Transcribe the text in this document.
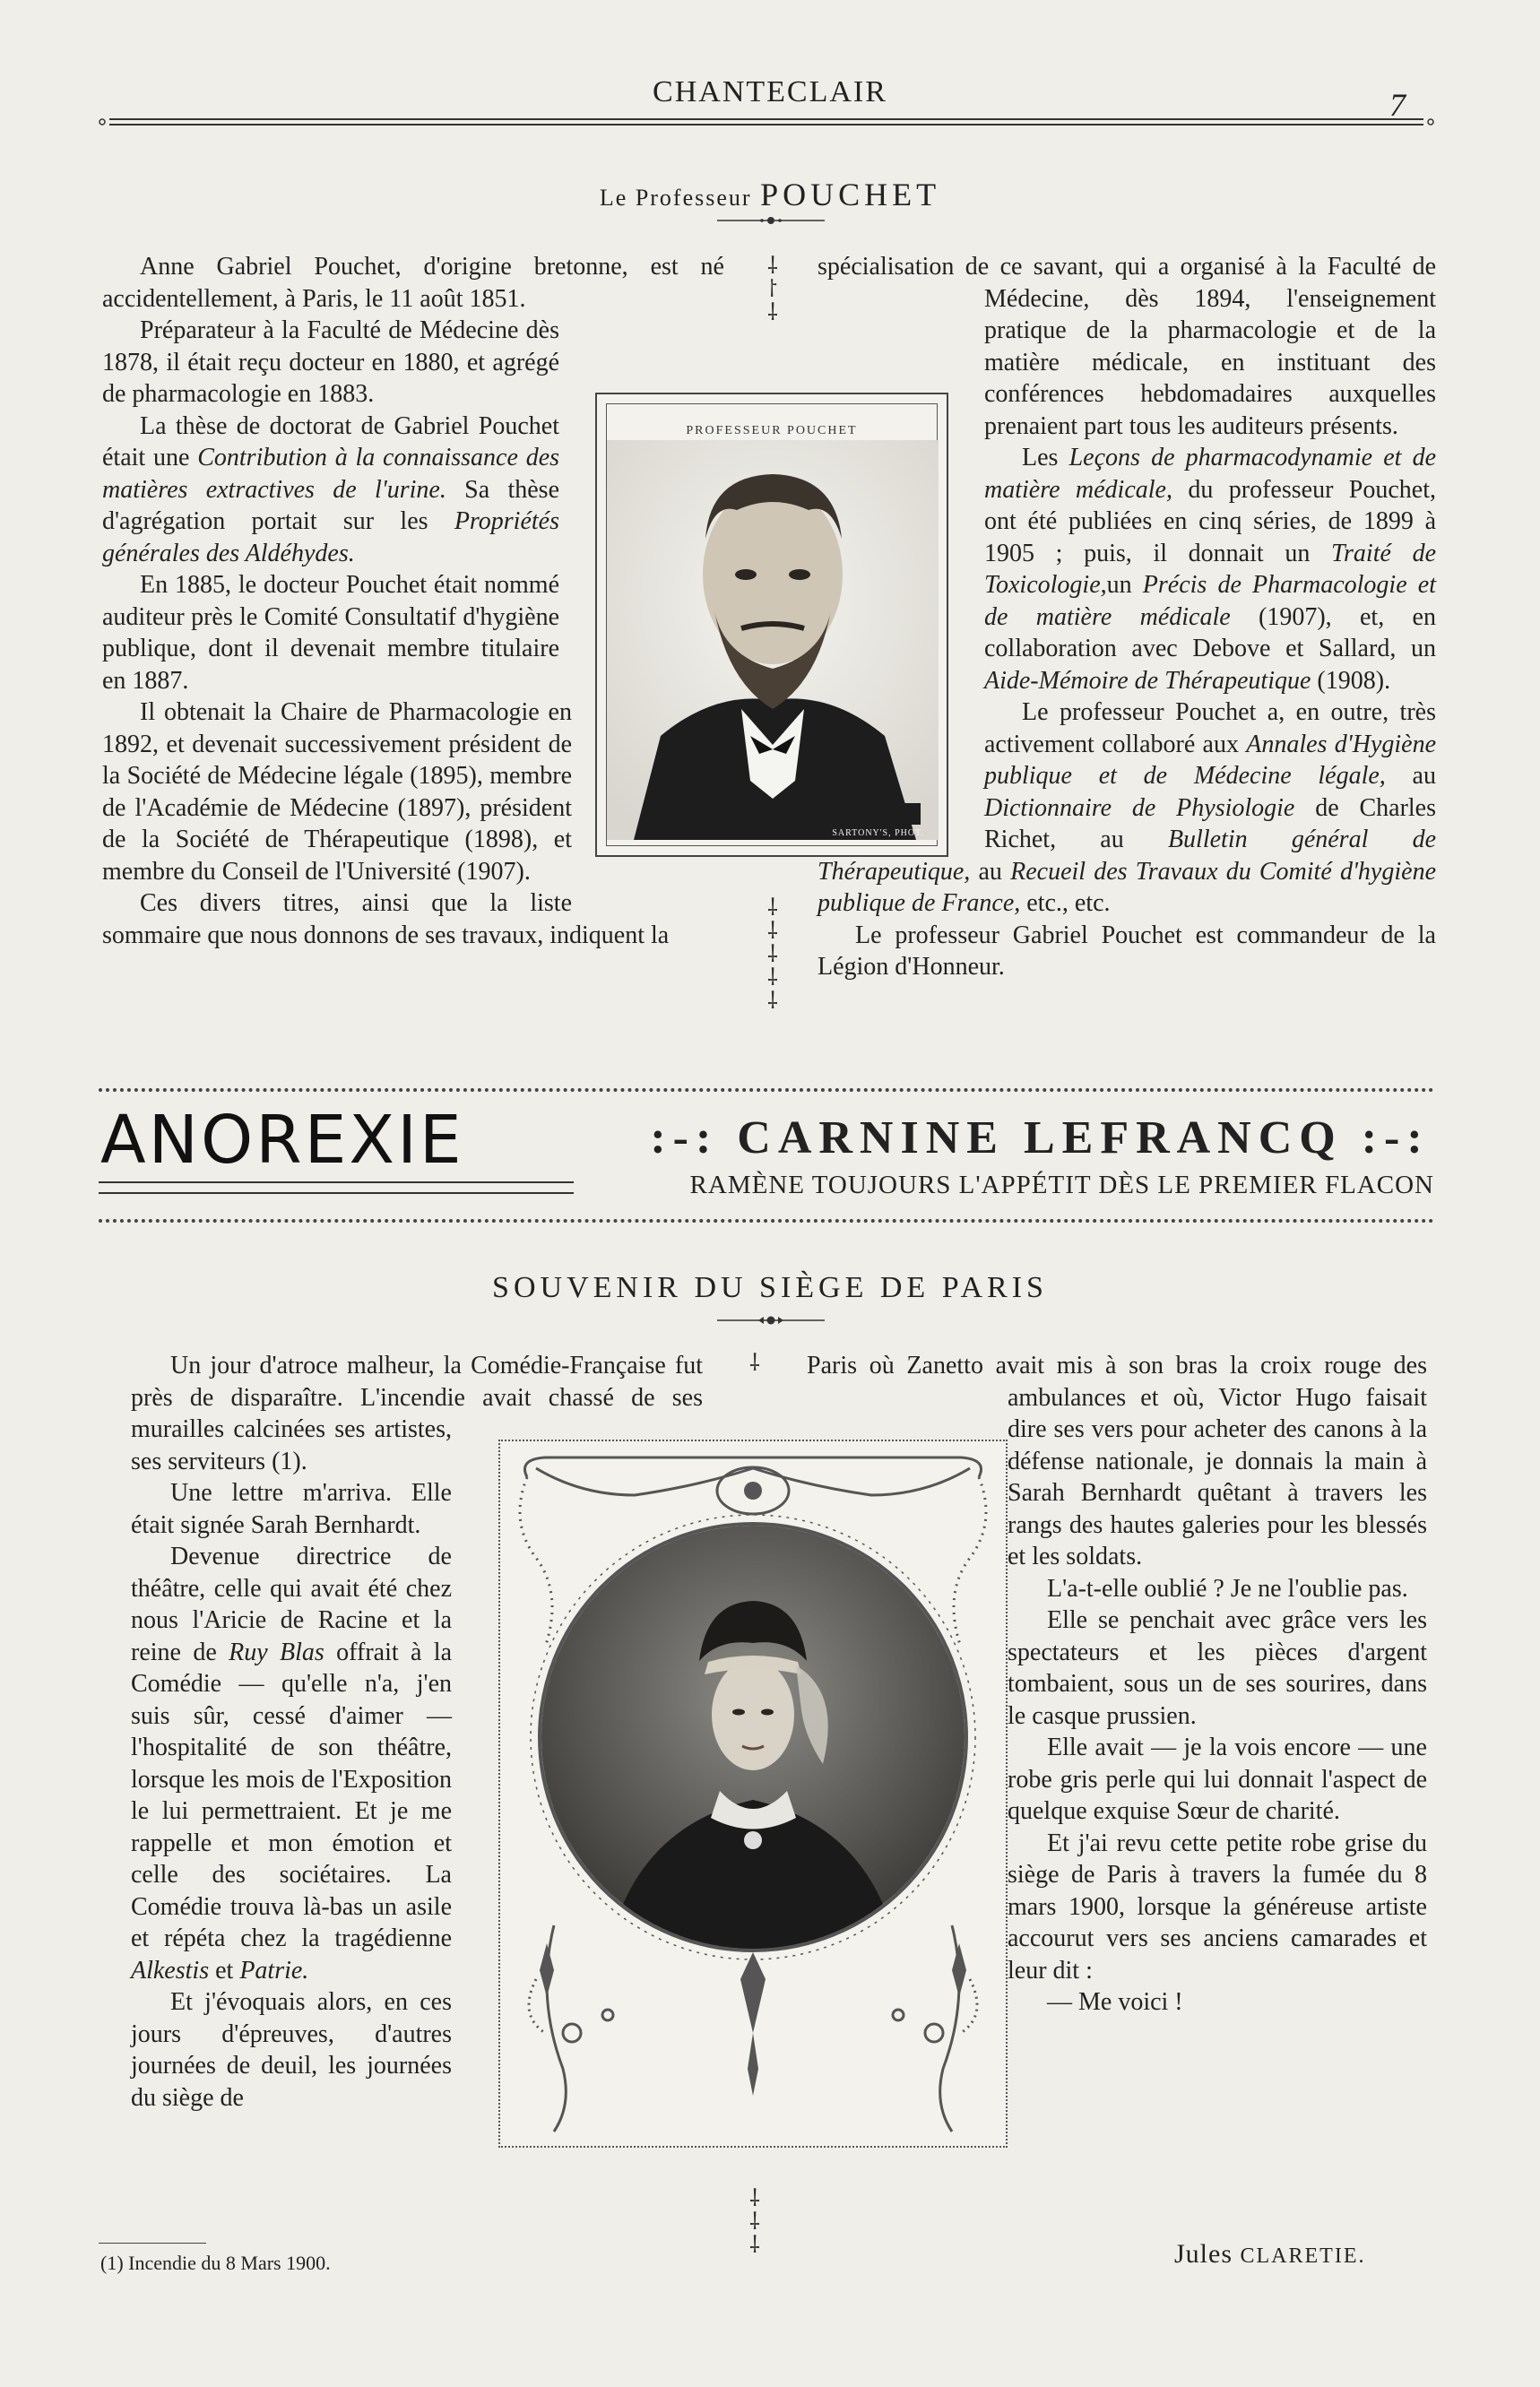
CHANTECLAIR	7
Le Professeur POUCHET

Anne Gabriel Pouchet, d'origine bretonne, est né accidentellement, à Paris, le 11 août 1851.

Préparateur à la Faculté de Médecine dès 1878, il était reçu docteur en 1880, et agrégé de pharmacologie en 1883.

La thèse de doctorat de Gabriel Pouchet était une Contribution à la connaissance des matières extractives de l'urine. Sa thèse d'agrégation portait sur les Propriétés générales des Aldéhydes.

En 1885, le docteur Pouchet était nommé auditeur près le Comité Consultatif d'hygiène publique, dont il devenait membre titulaire en 1887.

Il obtenait la Chaire de Pharmacologie en 1892, et devenait successivement président de la Société de Médecine légale (1895), membre de l'Académie de Médecine (1897), président de la Société de Thérapeutique (1898), et membre du Conseil de l'Université (1907).

Ces divers titres, ainsi que la liste sommaire que nous donnons de ses travaux, indiquent la

spécialisation de ce savant, qui a organisé à la Faculté de Médecine, dès 1894, l'enseignement pratique de la pharmacologie et de la matière médicale, en instituant des conférences hebdomadaires auxquelles prenaient part tous les auditeurs présents.

Les Leçons de pharmacodynamie et de matière médicale, du professeur Pouchet, ont été publiées en cinq séries, de 1899 à 1905 ; puis, il donnait un Traité de Toxicologie,un Précis de Pharmacologie et de matière médicale (1907), et, en collaboration avec Debove et Sallard, un Aide-Mémoire de Thérapeutique (1908).

Le professeur Pouchet a, en outre, très activement collaboré aux Annales d'Hygiène publique et de Médecine légale, au Dictionnaire de Physiologie de Charles Richet, au Bulletin général de Thérapeutique, au Recueil des Travaux du Comité d'hygiène publique de France, etc., etc.

Le professeur Gabriel Pouchet est commandeur de la Légion d'Honneur.

PROFESSEUR POUCHET
SARTONY'S, PHOT.
⸸
⸷
⸸
⸸
⸸
⸸
⸸
⸸
ANOREXIE	:-: CARNINE LEFRANCQ :-:
RAMÈNE TOUJOURS L'APPÉTIT DÈS LE PREMIER FLACON
SOUVENIR DU SIÈGE DE PARIS

Un jour d'atroce malheur, la Comédie-Française fut près de disparaître. L'incendie avait chassé de ses murailles calcinées ses artistes, ses serviteurs (1).

Une lettre m'arriva. Elle était signée Sarah Bernhardt.

Devenue directrice de théâtre, celle qui avait été chez nous l'Aricie de Racine et la reine de Ruy Blas offrait à la Comédie — qu'elle n'a, j'en suis sûr, cessé d'aimer — l'hospitalité de son théâtre, lorsque les mois de l'Exposition le lui permettraient. Et je me rappelle et mon émotion et celle des sociétaires. La Comédie trouva là-bas un asile et répéta chez la tragédienne Alkestis et Patrie.

Et j'évoquais alors, en ces jours d'épreuves, d'autres journées de deuil, les journées du siège de

Paris où Zanetto avait mis à son bras la croix rouge des ambulances et où, Victor Hugo faisait dire ses vers pour acheter des canons à la défense nationale, je donnais la main à Sarah Bernhardt quêtant à travers les rangs des hautes galeries pour les blessés et les soldats.

L'a-t-elle oublié ? Je ne l'oublie pas.

Elle se penchait avec grâce vers les spectateurs et les pièces d'argent tombaient, sous un de ses sourires, dans le casque prussien.

Elle avait — je la vois encore — une robe gris perle qui lui donnait l'aspect de quelque exquise Sœur de charité.

Et j'ai revu cette petite robe grise du siège de Paris à travers la fumée du 8 mars 1900, lorsque la généreuse artiste accourut vers ses anciens camarades et leur dit :

— Me voici !

⸸
⸸
⸸
⸸
(1) Incendie du 8 Mars 1900.	Jules CLARETIE.
